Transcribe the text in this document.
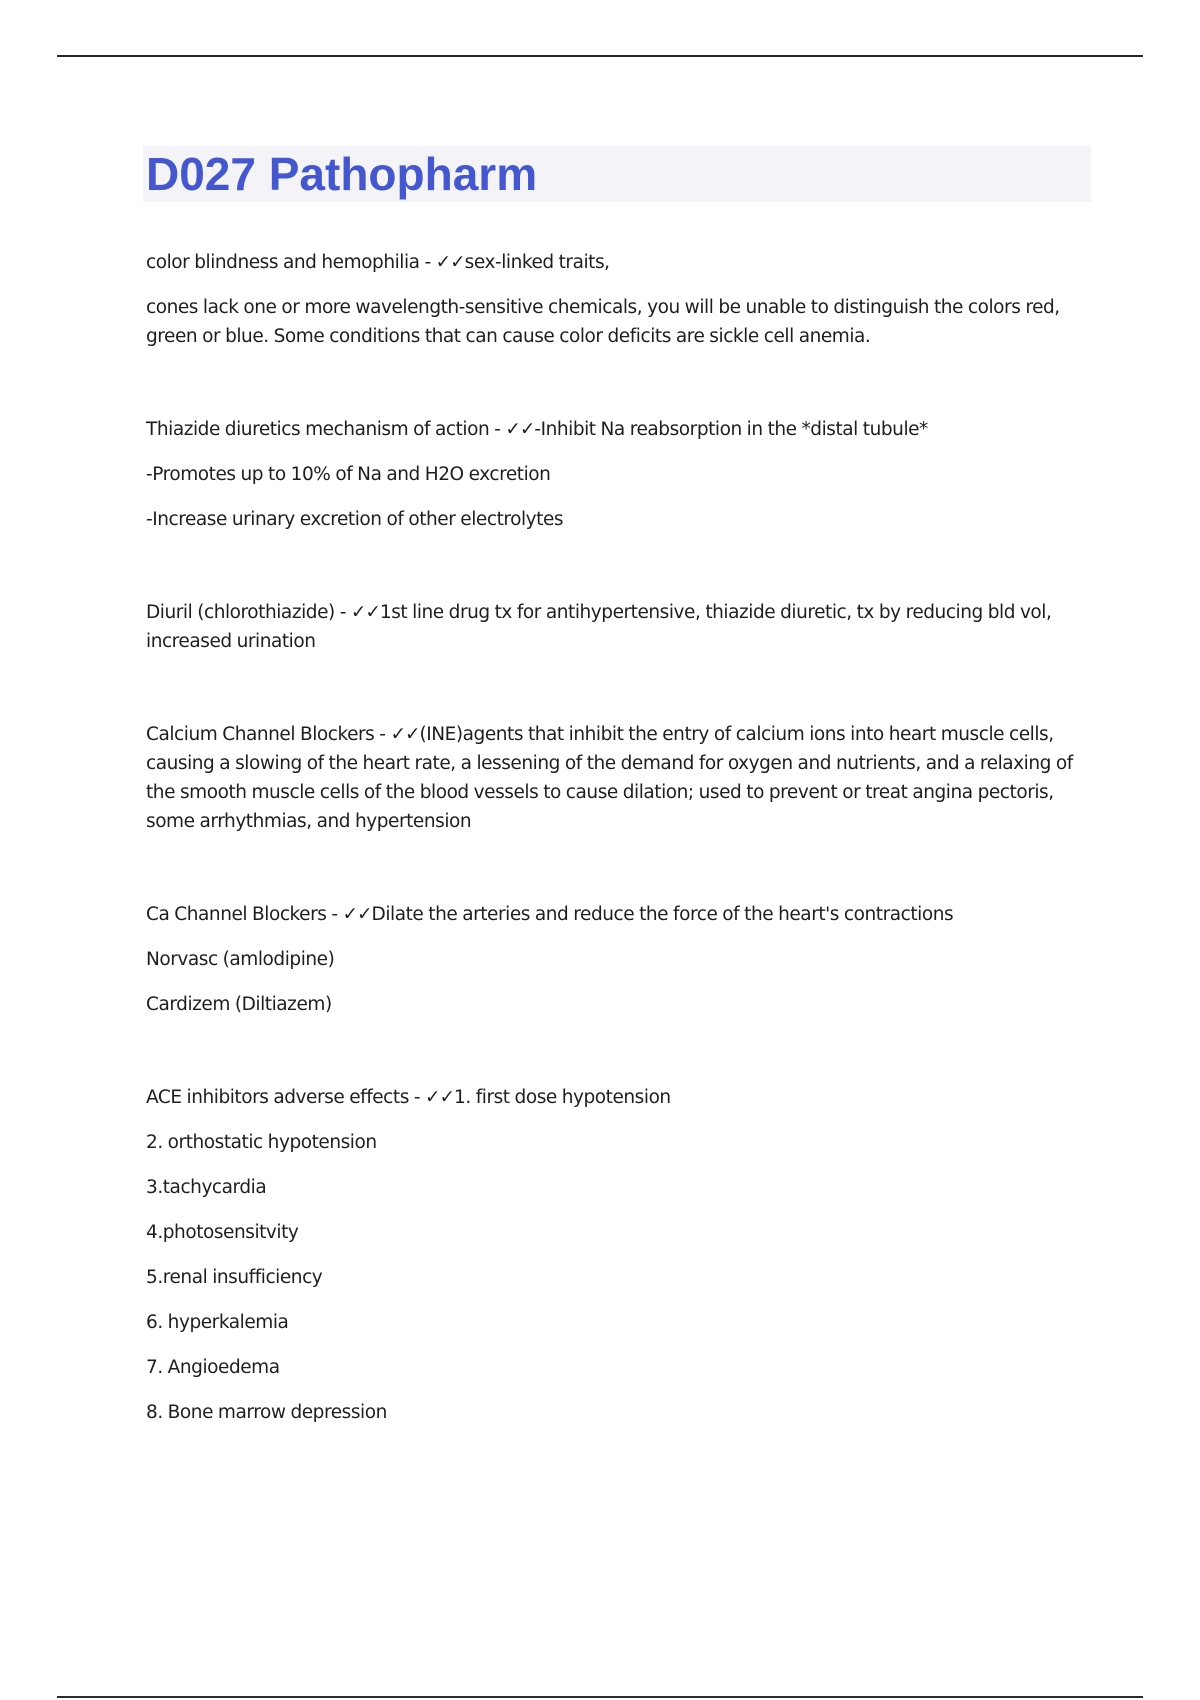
D027 Pathopharm

color blindness and hemophilia - ✓✓sex-linked traits,

cones lack one or more wavelength-sensitive chemicals, you will be unable to distinguish the colors red, green or blue. Some conditions that can cause color deficits are sickle cell anemia.

Thiazide diuretics mechanism of action - ✓✓-Inhibit Na reabsorption in the *distal tubule*

-Promotes up to 10% of Na and H2O excretion

-Increase urinary excretion of other electrolytes

Diuril (chlorothiazide) - ✓✓1st line drug tx for antihypertensive, thiazide diuretic, tx by reducing bld vol, increased urination

Calcium Channel Blockers - ✓✓(INE)agents that inhibit the entry of calcium ions into heart muscle cells, causing a slowing of the heart rate, a lessening of the demand for oxygen and nutrients, and a relaxing of the smooth muscle cells of the blood vessels to cause dilation; used to prevent or treat angina pectoris, some arrhythmias, and hypertension

Ca Channel Blockers - ✓✓Dilate the arteries and reduce the force of the heart's contractions

Norvasc (amlodipine)

Cardizem (Diltiazem)

ACE inhibitors adverse effects - ✓✓1. first dose hypotension

2. orthostatic hypotension

3.tachycardia

4.photosensitvity

5.renal insufficiency

6. hyperkalemia

7. Angioedema

8. Bone marrow depression
